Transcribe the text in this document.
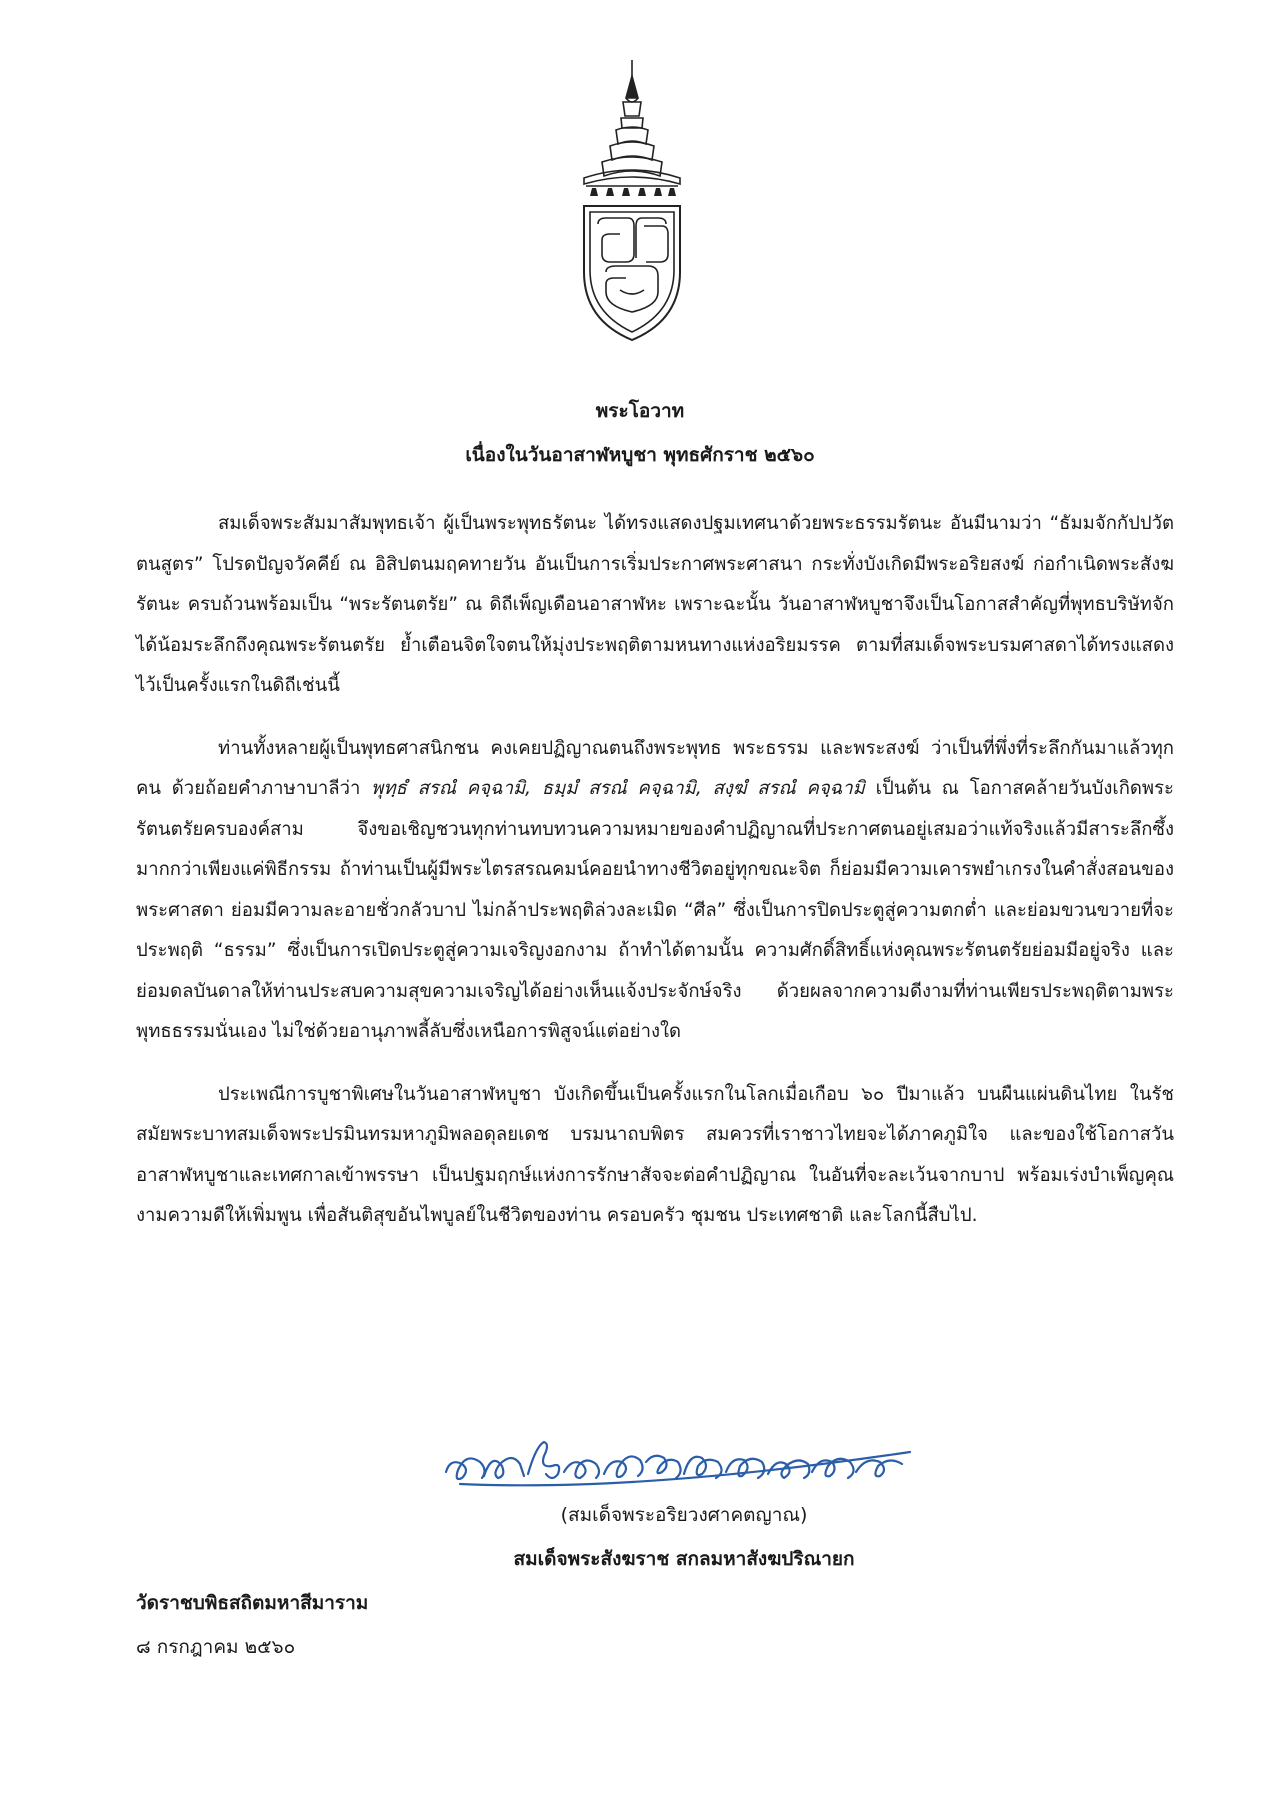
พระโอวาท
เนื่องในวันอาสาฬหบูชา พุทธศักราช ๒๕๖๐

สมเด็จพระสัมมาสัมพุทธเจ้า ผู้เป็นพระพุทธรัตนะ ได้ทรงแสดงปฐมเทศนาด้วยพระธรรมรัตนะ อันมีนามว่า “ธัมมจักกัปปวัตตนสูตร” โปรดปัญจวัคคีย์ ณ อิสิปตนมฤคทายวัน อันเป็นการเริ่มประกาศพระศาสนา กระทั่งบังเกิดมีพระอริยสงฆ์ ก่อกำเนิดพระสังฆรัตนะ ครบถ้วนพร้อมเป็น “พระรัตนตรัย” ณ ดิถีเพ็ญเดือนอาสาฬหะ เพราะฉะนั้น วันอาสาฬหบูชาจึงเป็นโอกาสสำคัญที่พุทธบริษัทจักได้น้อมระลึกถึงคุณพระรัตนตรัย ย้ำเตือนจิตใจตนให้มุ่งประพฤติตามหนทางแห่งอริยมรรค ตามที่สมเด็จพระบรมศาสดาได้ทรงแสดงไว้เป็นครั้งแรกในดิถีเช่นนี้

ท่านทั้งหลายผู้เป็นพุทธศาสนิกชน คงเคยปฏิญาณตนถึงพระพุทธ พระธรรม และพระสงฆ์ ว่าเป็นที่พึ่งที่ระลึกกันมาแล้วทุกคน ด้วยถ้อยคำภาษาบาลีว่า พุทฺธํ สรณํ คจฺฉามิ, ธมฺมํ สรณํ คจฺฉามิ, สงฺฆํ สรณํ คจฺฉามิ เป็นต้น ณ โอกาสคล้ายวันบังเกิดพระรัตนตรัยครบองค์สาม จึงขอเชิญชวนทุกท่านทบทวนความหมายของคำปฏิญาณที่ประกาศตนอยู่เสมอว่าแท้จริงแล้วมีสาระลึกซึ้งมากกว่าเพียงแค่พิธีกรรม ถ้าท่านเป็นผู้มีพระไตรสรณคมน์คอยนำทางชีวิตอยู่ทุกขณะจิต ก็ย่อมมีความเคารพยำเกรงในคำสั่งสอนของพระศาสดา ย่อมมีความละอายชั่วกลัวบาป ไม่กล้าประพฤติล่วงละเมิด “ศีล” ซึ่งเป็นการปิดประตูสู่ความตกต่ำ และย่อมขวนขวายที่จะประพฤติ “ธรรม” ซึ่งเป็นการเปิดประตูสู่ความเจริญงอกงาม ถ้าทำได้ตามนั้น ความศักดิ์สิทธิ์แห่งคุณพระรัตนตรัยย่อมมีอยู่จริง และย่อมดลบันดาลให้ท่านประสบความสุขความเจริญได้อย่างเห็นแจ้งประจักษ์จริง ด้วยผลจากความดีงามที่ท่านเพียรประพฤติตามพระพุทธธรรมนั่นเอง ไม่ใช่ด้วยอานุภาพลี้ลับซึ่งเหนือการพิสูจน์แต่อย่างใด

ประเพณีการบูชาพิเศษในวันอาสาฬหบูชา บังเกิดขึ้นเป็นครั้งแรกในโลกเมื่อเกือบ ๖๐ ปีมาแล้ว บนผืนแผ่นดินไทย ในรัชสมัยพระบาทสมเด็จพระปรมินทรมหาภูมิพลอดุลยเดช บรมนาถบพิตร สมควรที่เราชาวไทยจะได้ภาคภูมิใจ และของใช้โอกาสวันอาสาฬหบูชาและเทศกาลเข้าพรรษา เป็นปฐมฤกษ์แห่งการรักษาสัจจะต่อคำปฏิญาณ ในอันที่จะละเว้นจากบาป พร้อมเร่งบำเพ็ญคุณงามความดีให้เพิ่มพูน เพื่อสันติสุขอันไพบูลย์ในชีวิตของท่าน ครอบครัว ชุมชน ประเทศชาติ และโลกนี้สืบไป.

(สมเด็จพระอริยวงศาคตญาณ)
สมเด็จพระสังฆราช สกลมหาสังฆปริณายก
วัดราชบพิธสถิตมหาสีมาราม
๘ กรกฎาคม ๒๕๖๐
